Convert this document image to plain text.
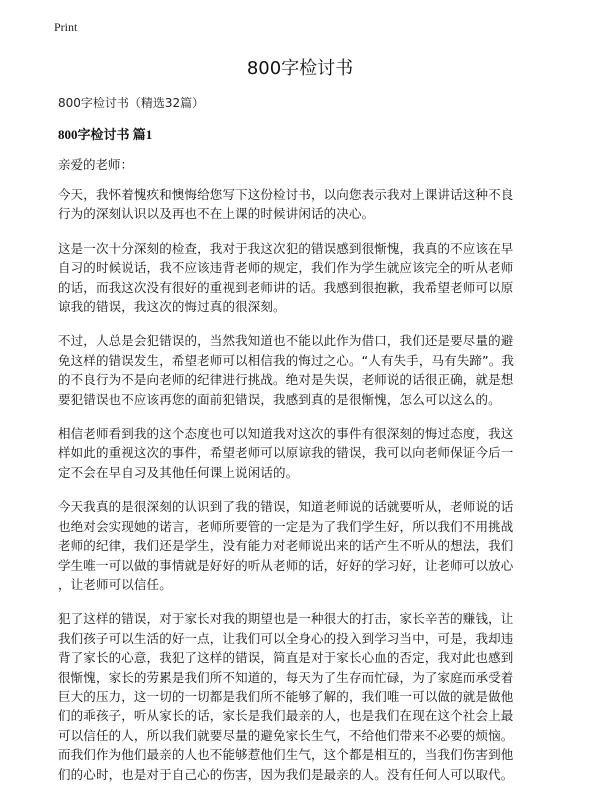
Print
800字检讨书
800字检讨书（精选32篇）
800字检讨书 篇1
亲爱的老师：
今天，我怀着愧疚和懊悔给您写下这份检讨书，以向您表示我对上课讲话这种不良
行为的深刻认识以及再也不在上课的时候讲闲话的决心。
这是一次十分深刻的检查，我对于我这次犯的错误感到很惭愧，我真的不应该在早
自习的时候说话，我不应该违背老师的规定，我们作为学生就应该完全的听从老师
的话，而我这次没有很好的重视到老师讲的话。我感到很抱歉，我希望老师可以原
谅我的错误，我这次的悔过真的很深刻。
不过，人总是会犯错误的，当然我知道也不能以此作为借口，我们还是要尽量的避
免这样的错误发生，希望老师可以相信我的悔过之心。“人有失手，马有失蹄”。我
的不良行为不是向老师的纪律进行挑战。绝对是失误，老师说的话很正确，就是想
要犯错误也不应该再您的面前犯错误，我感到真的是很惭愧，怎么可以这么的。
相信老师看到我的这个态度也可以知道我对这次的事件有很深刻的悔过态度，我这
样如此的重视这次的事件，希望老师可以原谅我的错误，我可以向老师保证今后一
定不会在早自习及其他任何课上说闲话的。
今天我真的是很深刻的认识到了我的错误，知道老师说的话就要听从，老师说的话
也绝对会实现她的诺言，老师所要管的一定是为了我们学生好，所以我们不用挑战
老师的纪律，我们还是学生，没有能力对老师说出来的话产生不听从的想法，我们
学生唯一可以做的事情就是好好的听从老师的话，好好的学习好，让老师可以放心
，让老师可以信任。
犯了这样的错误，对于家长对我的期望也是一种很大的打击，家长辛苦的赚钱，让
我们孩子可以生活的好一点，让我们可以全身心的投入到学习当中，可是，我却违
背了家长的心意，我犯了这样的错误，简直是对于家长心血的否定，我对此也感到
很惭愧，家长的劳累是我们所不知道的，每天为了生存而忙碌，为了家庭而承受着
巨大的压力，这一切的一切都是我们所不能够了解的，我们唯一可以做的就是做他
们的乖孩子，听从家长的话，家长是我们最亲的人，也是我们在现在这个社会上最
可以信任的人，所以我们就要尽量的避免家长生气，不给他们带来不必要的烦恼。
而我们作为他们最亲的人也不能够惹他们生气，这个都是相互的，当我们伤害到他
们的心时，也是对于自己心的伤害，因为我们是最亲的人。没有任何人可以取代。
